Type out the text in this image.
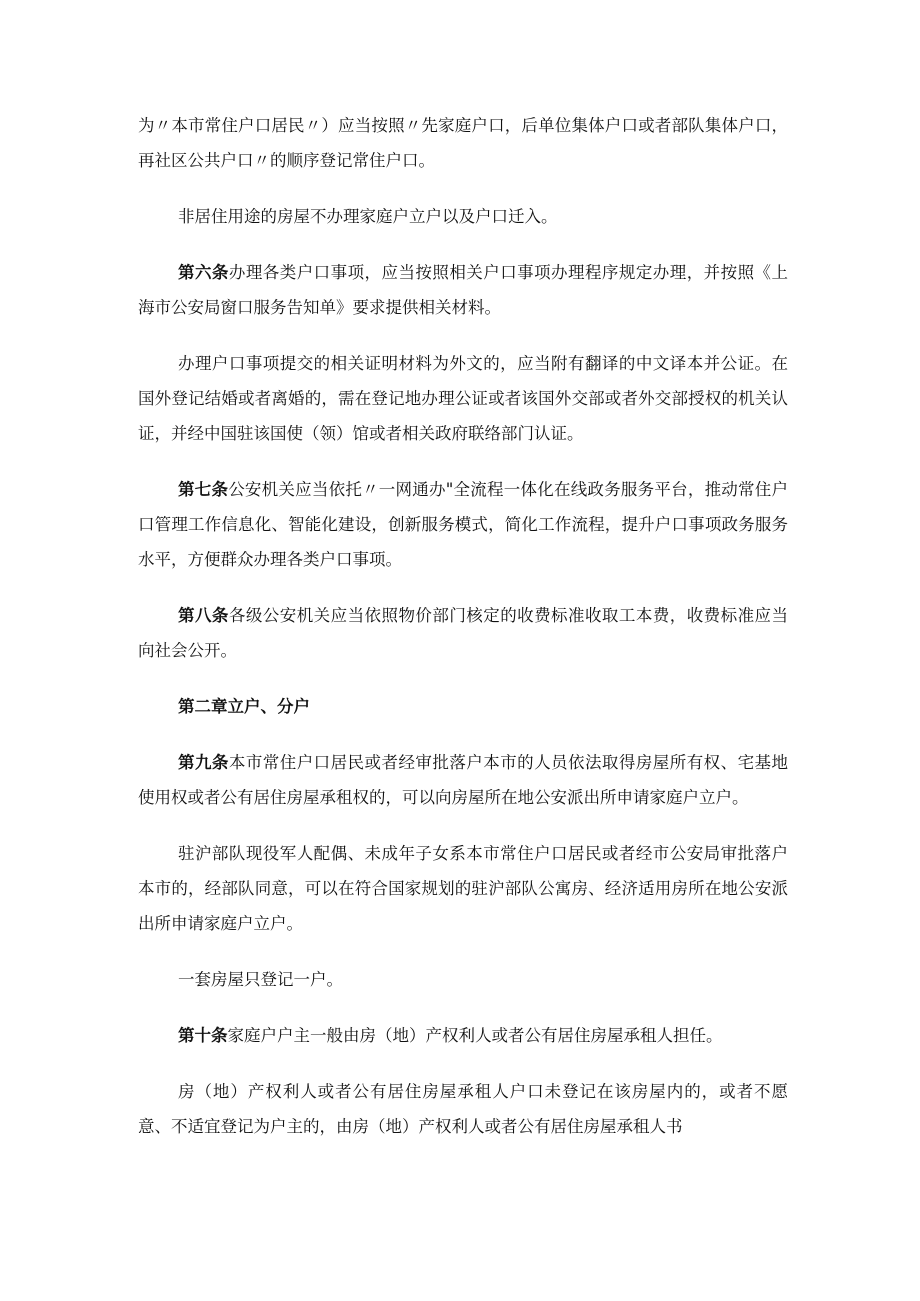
为〃本市常住户口居民〃）应当按照〃先家庭户口，后单位集体户口或者部队集体户口，再社区公共户口〃的顺序登记常住户口。

非居住用途的房屋不办理家庭户立户以及户口迁入。

第六条办理各类户口事项，应当按照相关户口事项办理程序规定办理，并按照《上海市公安局窗口服务告知单》要求提供相关材料。

办理户口事项提交的相关证明材料为外文的，应当附有翻译的中文译本并公证。在国外登记结婚或者离婚的，需在登记地办理公证或者该国外交部或者外交部授权的机关认证，并经中国驻该国使（领）馆或者相关政府联络部门认证。

第七条公安机关应当依托〃一网通办"全流程一体化在线政务服务平台，推动常住户口管理工作信息化、智能化建设，创新服务模式，简化工作流程，提升户口事项政务服务水平，方便群众办理各类户口事项。

第八条各级公安机关应当依照物价部门核定的收费标准收取工本费，收费标准应当向社会公开。

第二章立户、分户

第九条本市常住户口居民或者经审批落户本市的人员依法取得房屋所有权、宅基地使用权或者公有居住房屋承租权的，可以向房屋所在地公安派出所申请家庭户立户。

驻沪部队现役军人配偶、未成年子女系本市常住户口居民或者经市公安局审批落户本市的，经部队同意，可以在符合国家规划的驻沪部队公寓房、经济适用房所在地公安派出所申请家庭户立户。

一套房屋只登记一户。

第十条家庭户户主一般由房（地）产权利人或者公有居住房屋承租人担任。

房（地）产权利人或者公有居住房屋承租人户口未登记在该房屋内的，或者不愿意、不适宜登记为户主的，由房（地）产权利人或者公有居住房屋承租人书
